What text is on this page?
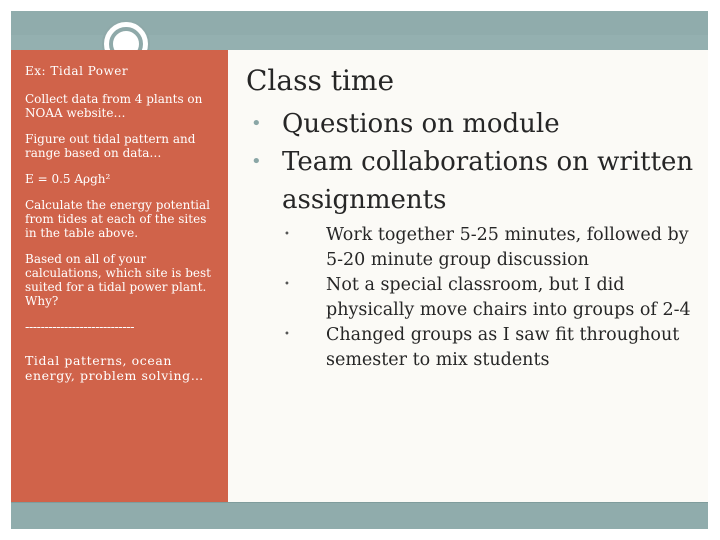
Ex: Tidal Power
Collect data from 4 plants on NOAA website…
Figure out tidal pattern and range based on data…
E = 0.5 Aρgh²
Calculate the energy potential from tides at each of the sites in the table above.
Based on all of your calculations, which site is best suited for a tidal power plant. Why?
----------------------------
Tidal patterns, ocean energy, problem solving…
Class time
• Questions on module
• Team collaborations on written assignments
• Work together 5-25 minutes, followed by 5-20 minute group discussion
• Not a special classroom, but I did physically move chairs into groups of 2-4
• Changed groups as I saw fit throughout semester to mix students
